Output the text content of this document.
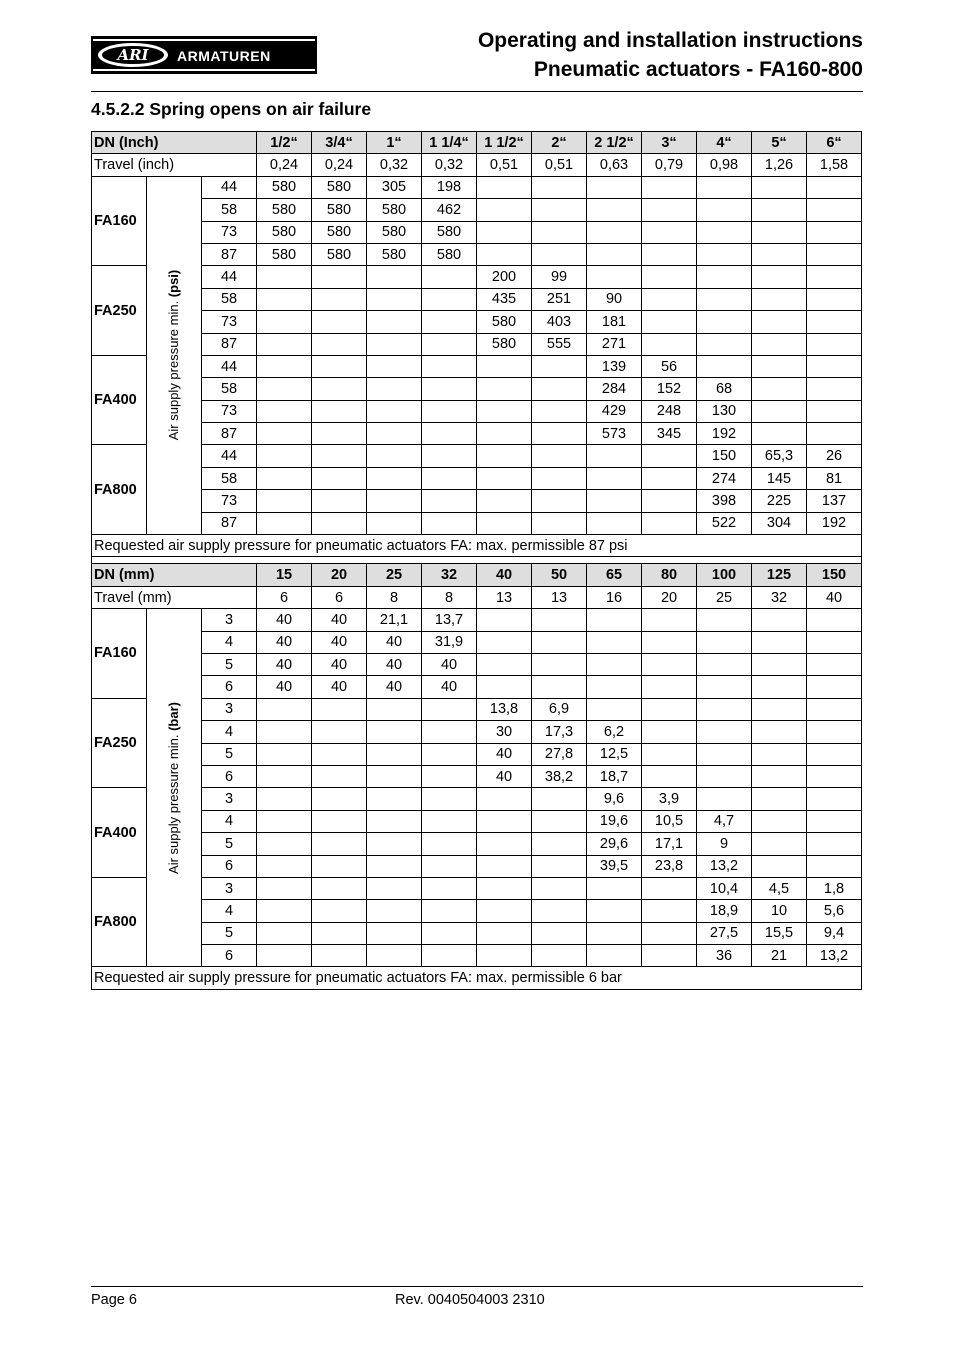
ARI ARMATUREN
Operating and installation instructions
Pneumatic actuators - FA160-800
4.5.2.2 Spring opens on air failure
DN (Inch)			1/2“	3/4“	1“	1 1/4“	1 1/2“	2“	2 1/2“	3“	4“	5“	6“
Travel (inch)			0,24	0,24	0,32	0,32	0,51	0,51	0,63	0,79	0,98	1,26	1,58
FA160	Air supply pressure min. (psi)	44	580	580	305	198							
		58	580	580	580	462							
		73	580	580	580	580							
		87	580	580	580	580							
FA250		44					200	99					
		58					435	251	90				
		73					580	403	181				
		87					580	555	271				
FA400		44							139	56			
		58							284	152	68		
		73							429	248	130		
		87							573	345	192		
FA800		44									150	65,3	26
		58									274	145	81
		73									398	225	137
		87									522	304	192
Requested air supply pressure for pneumatic actuators FA: max. permissible 87 psi													

DN (mm)			15	20	25	32	40	50	65	80	100	125	150
Travel (mm)			6	6	8	8	13	13	16	20	25	32	40
FA160	Air supply pressure min. (bar)	3	40	40	21,1	13,7							
		4	40	40	40	31,9							
		5	40	40	40	40							
		6	40	40	40	40							
FA250		3					13,8	6,9					
		4					30	17,3	6,2				
		5					40	27,8	12,5				
		6					40	38,2	18,7				
FA400		3							9,6	3,9			
		4							19,6	10,5	4,7		
		5							29,6	17,1	9		
		6							39,5	23,8	13,2		
FA800		3									10,4	4,5	1,8
		4									18,9	10	5,6
		5									27,5	15,5	9,4
		6									36	21	13,2
Requested air supply pressure for pneumatic actuators FA: max. permissible 6 bar													
Page 6	Rev. 0040504003 2310
